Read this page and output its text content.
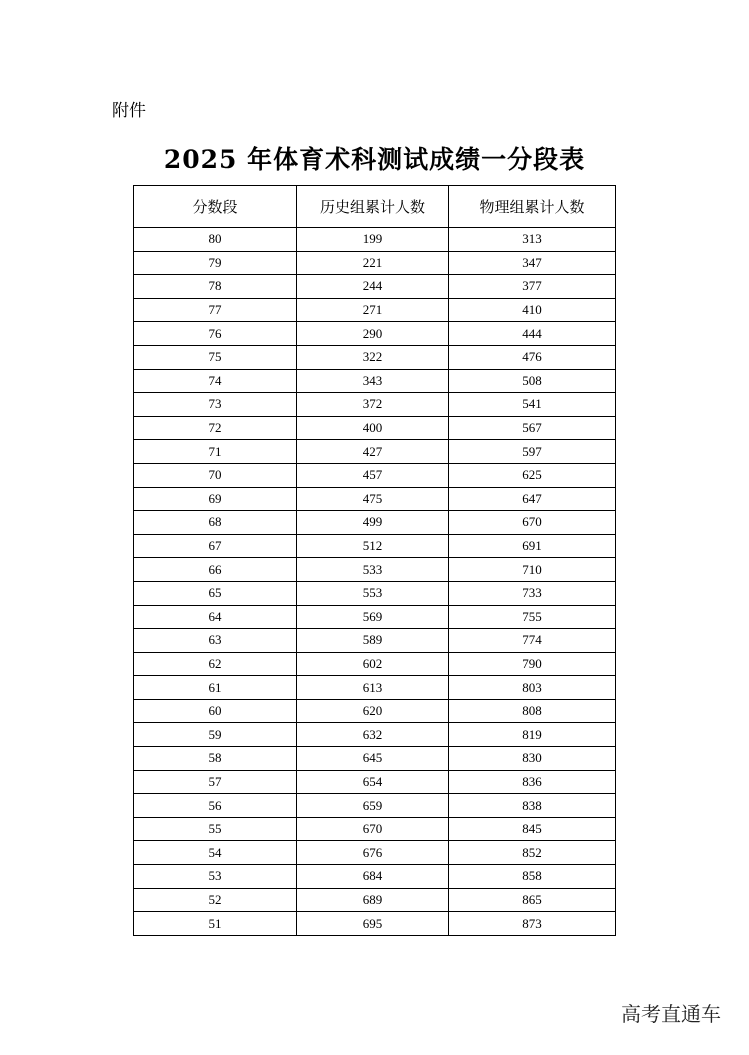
附件
2025 年体育术科测试成绩一分段表
分数段	历史组累计人数	物理组累计人数
80	199	313
79	221	347
78	244	377
77	271	410
76	290	444
75	322	476
74	343	508
73	372	541
72	400	567
71	427	597
70	457	625
69	475	647
68	499	670
67	512	691
66	533	710
65	553	733
64	569	755
63	589	774
62	602	790
61	613	803
60	620	808
59	632	819
58	645	830
57	654	836
56	659	838
55	670	845
54	676	852
53	684	858
52	689	865
51	695	873
高考直通车
